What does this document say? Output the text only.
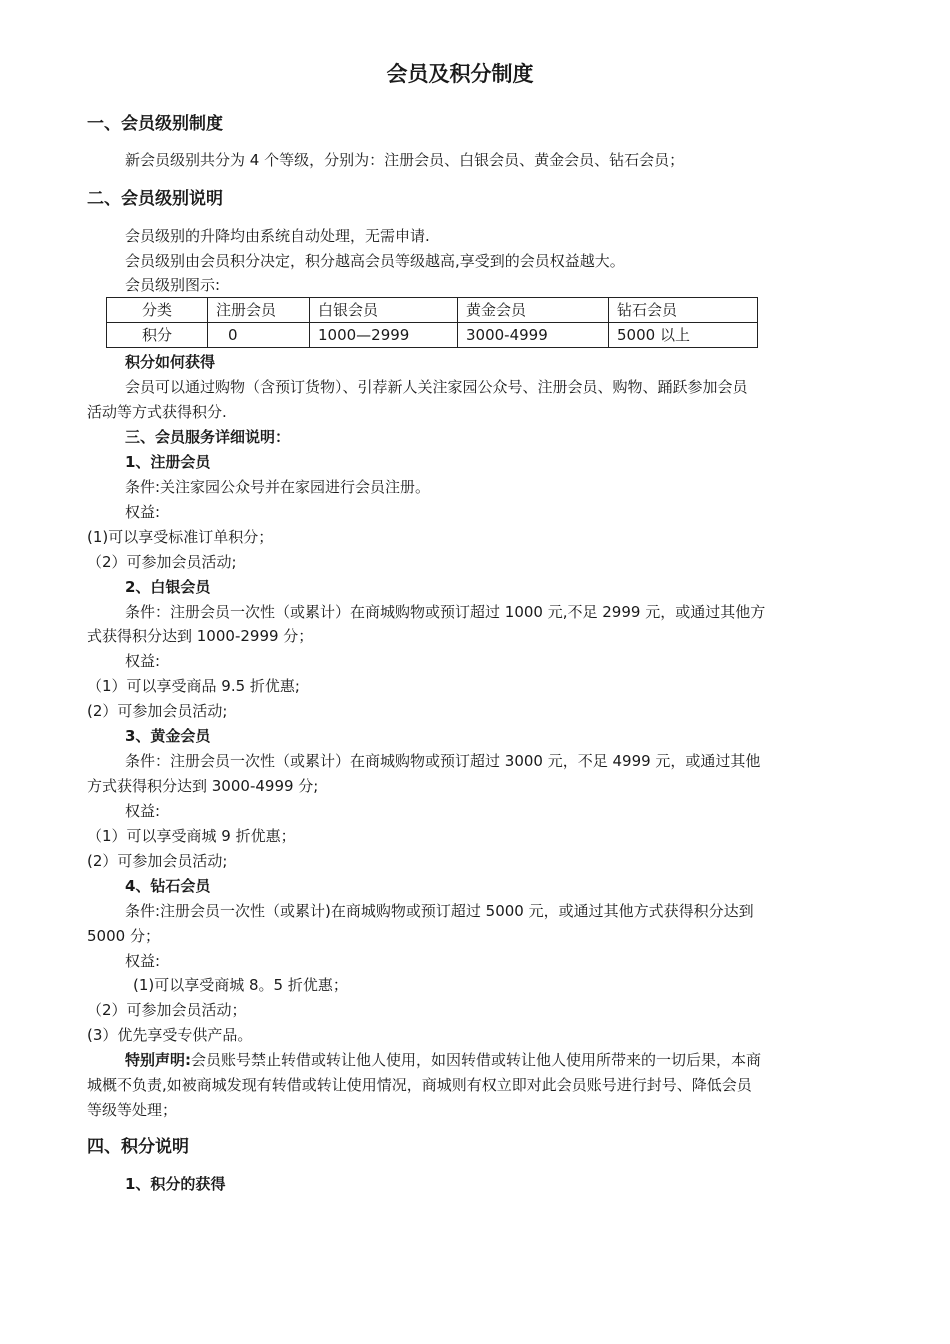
会员及积分制度
一、会员级别制度
新会员级别共分为 4 个等级，分别为：注册会员、白银会员、黄金会员、钻石会员；
二、会员级别说明
会员级别的升降均由系统自动处理，无需申请.
会员级别由会员积分决定，积分越高会员等级越高,享受到的会员权益越大。
会员级别图示:
分类	注册会员	白银会员	黄金会员	钻石会员
积分	0	1000—2999	3000-4999	5000 以上
积分如何获得
会员可以通过购物（含预订货物）、引荐新人关注家园公众号、注册会员、购物、踊跃参加会员
活动等方式获得积分.
三、会员服务详细说明：
1、注册会员
条件:关注家园公众号并在家园进行会员注册。
权益:
(1)可以享受标准订单积分；
（2）可参加会员活动;
2、白银会员
条件：注册会员一次性（或累计）在商城购物或预订超过 1000 元,不足 2999 元，或通过其他方
式获得积分达到 1000-2999 分；
权益:
（1）可以享受商品 9.5 折优惠;
(2）可参加会员活动;
3、黄金会员
条件：注册会员一次性（或累计）在商城购物或预订超过 3000 元，不足 4999 元，或通过其他
方式获得积分达到 3000-4999 分;
权益:
（1）可以享受商城 9 折优惠；
(2）可参加会员活动;
4、钻石会员
条件:注册会员一次性（或累计)在商城购物或预订超过 5000 元，或通过其他方式获得积分达到
5000 分；
权益:
(1)可以享受商城 8。5 折优惠；
（2）可参加会员活动；
(3）优先享受专供产品。
特别声明:会员账号禁止转借或转让他人使用，如因转借或转让他人使用所带来的一切后果，本商
城概不负责,如被商城发现有转借或转让使用情况，商城则有权立即对此会员账号进行封号、降低会员
等级等处理；
四、积分说明
1、积分的获得
